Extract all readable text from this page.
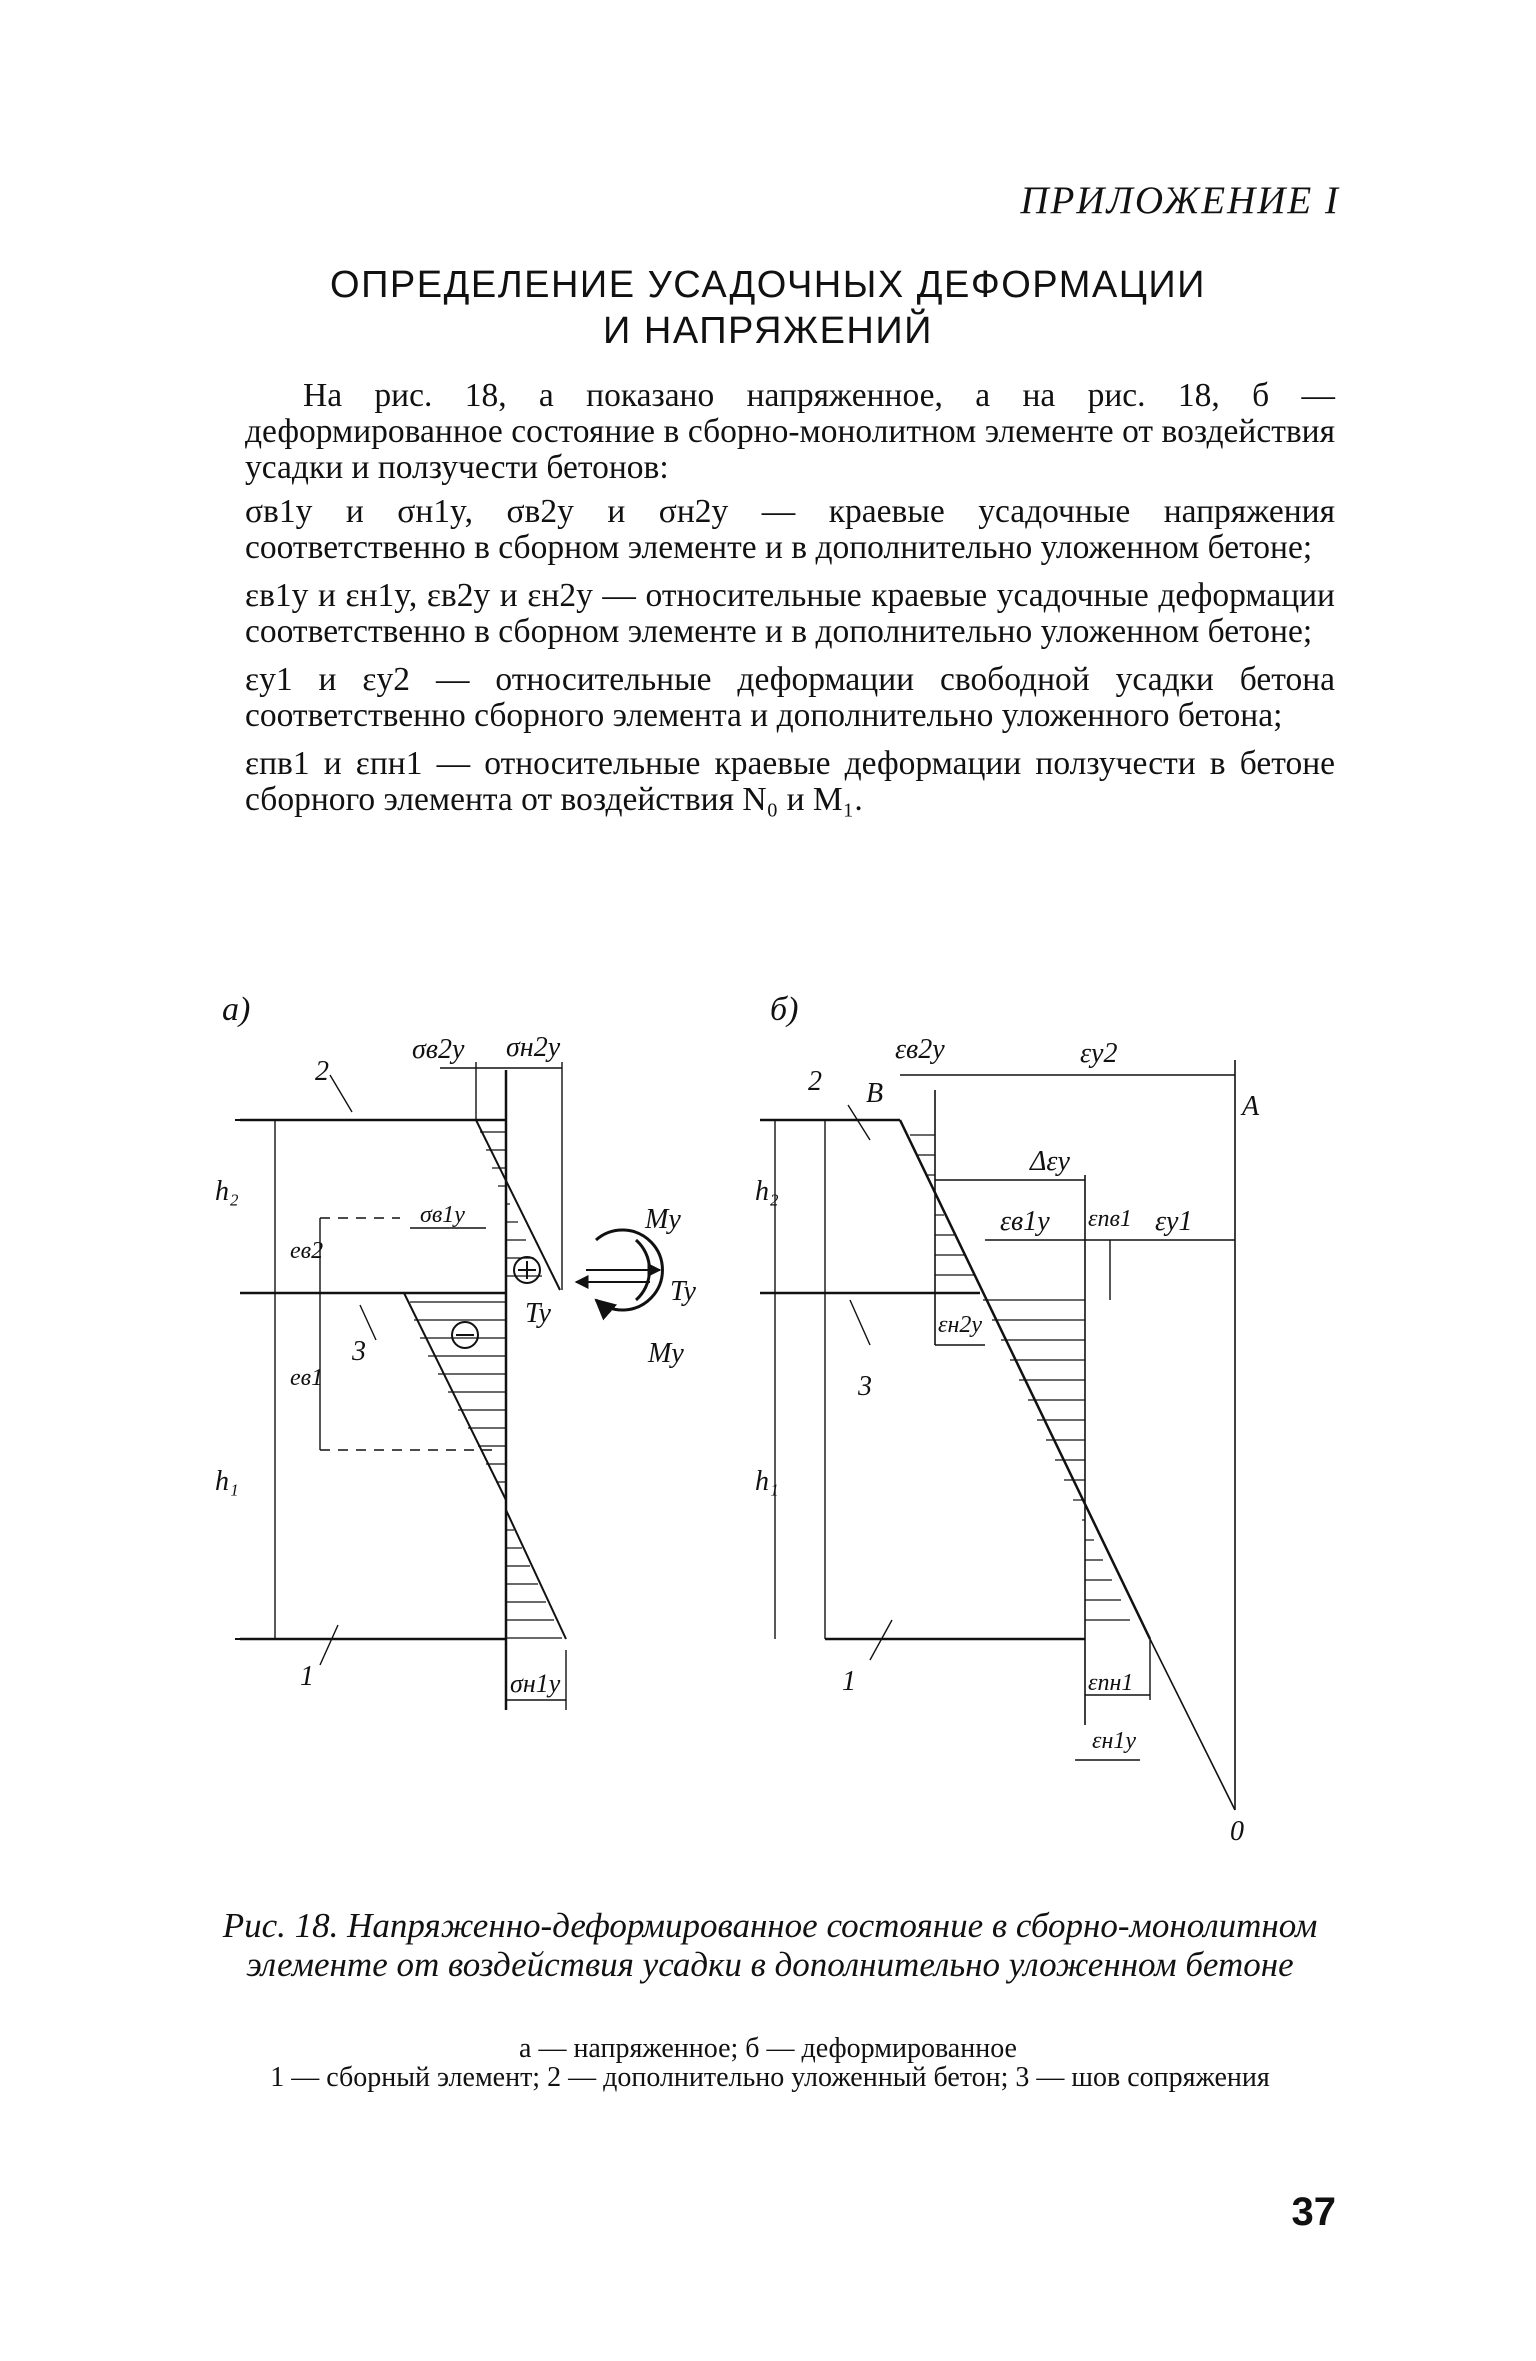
ПРИЛОЖЕНИЕ I
ОПРЕДЕЛЕНИЕ УСАДОЧНЫХ ДЕФОРМАЦИИ
И НАПРЯЖЕНИЙ

На рис. 18, а показано напряженное, а на рис. 18, б — деформированное состояние в сборно-монолитном элементе от воздействия усадки и ползучести бетонов:

σв1y и σн1y, σв2y и σн2y — краевые усадочные напряжения соответственно в сборном элементе и в дополнительно уложенном бетоне;

εв1y и εн1y, εв2y и εн2y — относительные краевые усадочные деформации соответственно в сборном элементе и в дополнительно уложенном бетоне;

εy1 и εy2 — относительные деформации свободной усадки бетона соответственно сборного элемента и дополнительно уложенного бетона;

εпв1 и εпн1 — относительные краевые деформации ползучести в бетоне сборного элемента от воздействия N₀ и M₁.

а)
σв2y σн2y
σв1y
σн1y
2
3
1
h₂
h₁
eв2
eв1
My
Ty
Ty
My
б)
εв2y	εy2
A
B
Δεy
εв1y εпв1 εy1
εн2y
εпн1
εн1y
0
2
3
1
h₂
h₁
Рис. 18. Напряженно-деформированное состояние в сборно-монолитном элементе от воздействия усадки в дополнительно уложенном бетоне
а — напряженное; б — деформированное
1 — сборный элемент; 2 — дополнительно уложенный бетон; 3 — шов сопряжения
37
